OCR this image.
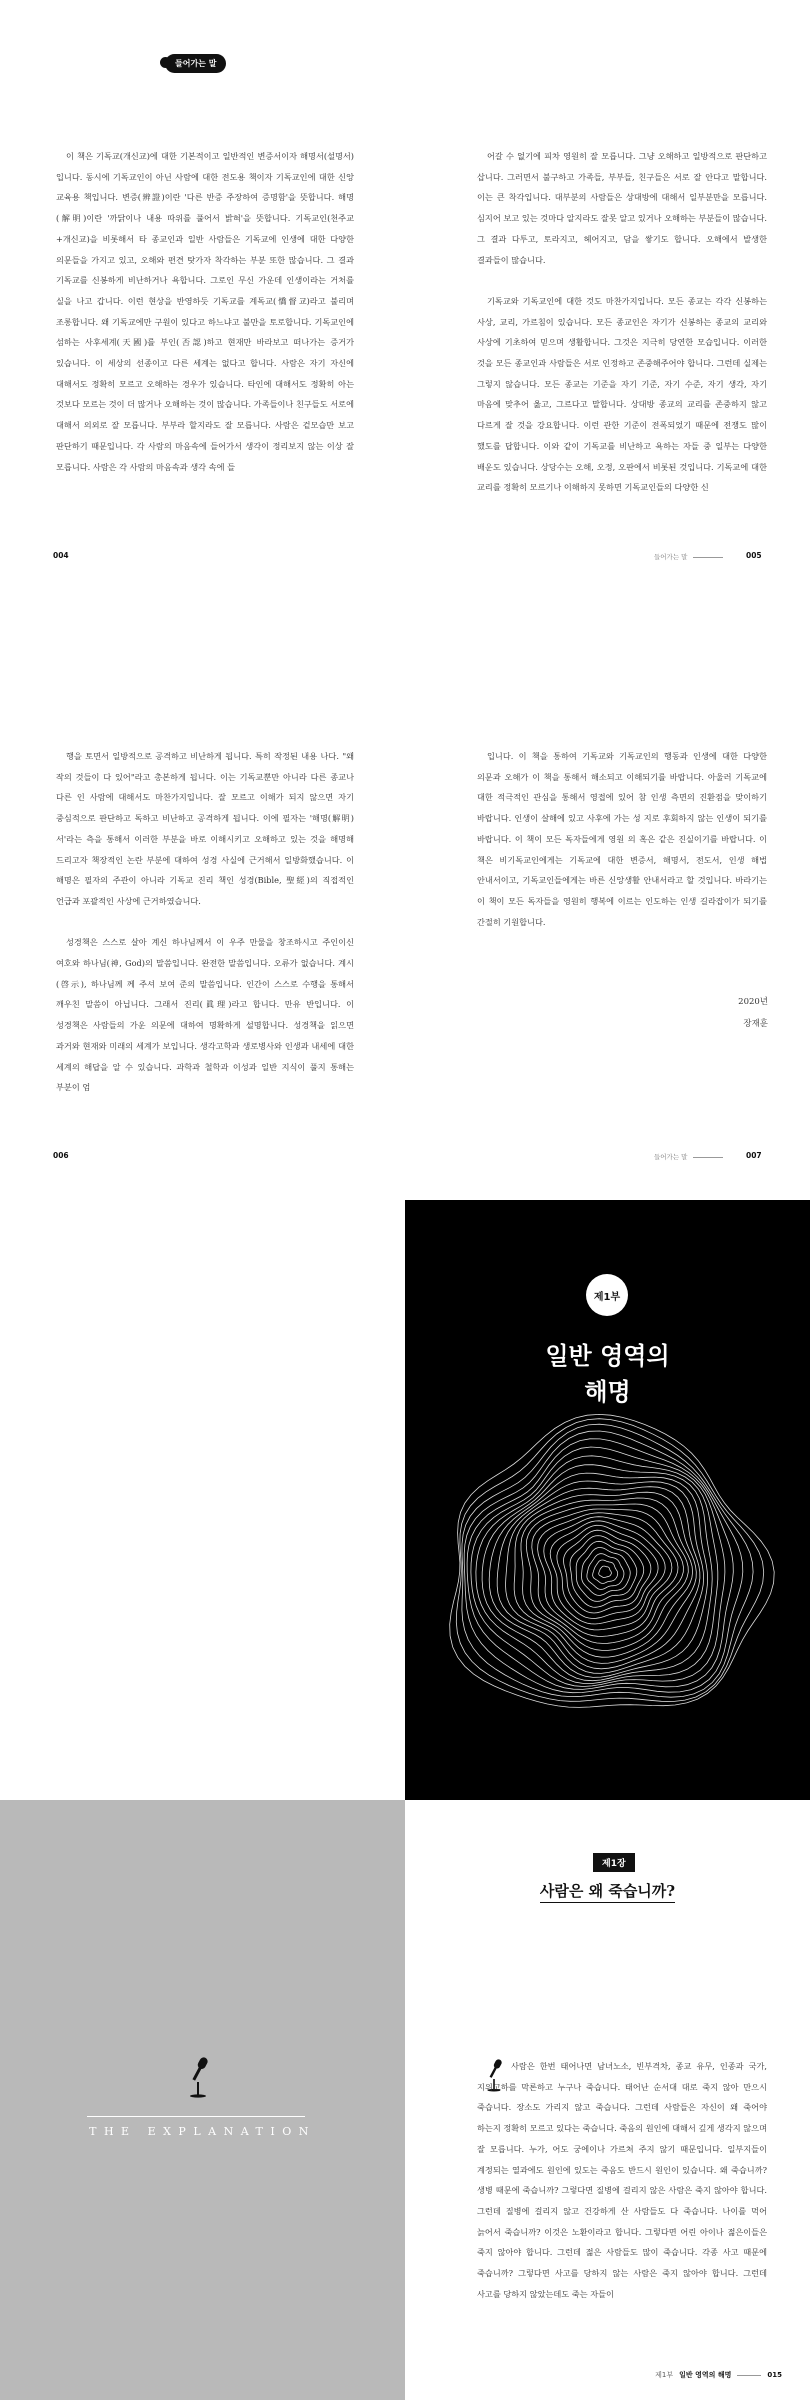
들어가는 말

이 책은 기독교(개신교)에 대한 기본적이고 일반적인 변증서이자 해명서(설명서)입니다. 동시에 기독교인이 아닌 사람에 대한 전도용 책이자 기독교인에 대한 신앙 교육용 책입니다. 변증(辨證)이란 '다른 반증 주장하여 증명함'을 뜻합니다. 해명(解明)이란 '까닭이나 내용 따위를 풀어서 밝혀'을 뜻합니다. 기독교인(천주교+개신교)을 비롯해서 타 종교인과 일반 사람들은 기독교에 인생에 대한 다양한 의문들을 가지고 있고, 오해와 편견 탓가자 착각하는 부분 또한 많습니다. 그 결과 기독교를 신봉하게 비난하거나 욕합니다. 그로인 무신 가운데 인생이라는 거처를 실을 나고 갑니다. 이런 현상을 반영하듯 기독교를 계독교(憍督교)라고 불리며 조롱합니다. 왜 기독교에만 구원이 있다고 하느냐고 불만을 토로합니다. 기독교인에 섬하는 사후세계(天國)를 부인(否認)하고 현재만 바라보고 떠나가는 증거가 있습니다. 이 세상의 선종이고 다른 세계는 없다고 합니다. 사람은 자기 자신에 대해서도 정확히 모르고 오해하는 경우가 있습니다. 타인에 대해서도 정확히 아는 것보다 모르는 것이 더 많거나 오해하는 것이 많습니다. 가족들이나 친구들도 서로에 대해서 의외로 잘 모릅니다. 부부라 할지라도 잘 모릅니다. 사람은 겉모습만 보고 판단하기 때문입니다. 각 사람의 마음속에 들어가서 생각이 정리보지 않는 이상 잘 모릅니다. 사람은 각 사람의 마음속과 생각 속에 들

004

어갈 수 없기에 피차 영원히 잘 모릅니다. 그냥 오해하고 일방적으로 판단하고 삽니다. 그러면서 불구하고 가족들, 부부들, 친구들은 서로 잘 안다고 말합니다. 이는 큰 착각입니다. 대부분의 사람들은 상대방에 대해서 일부분만을 모릅니다. 심지어 보고 있는 것마다 알지라도 잘못 알고 있거나 오해하는 부분들이 많습니다. 그 결과 다투고, 토라지고, 헤어지고, 담을 쌓기도 합니다. 오해에서 발생한 결과들이 많습니다.

기독교와 기독교인에 대한 것도 마찬가지입니다. 모든 종교는 각각 신봉하는 사상, 교리, 가르침이 있습니다. 모든 종교인은 자기가 신봉하는 종교의 교리와 사상에 기초하여 믿으며 생활합니다. 그것은 지극히 당연한 모습입니다. 이러한 것을 모든 종교인과 사람들은 서로 인정하고 존중해주어야 합니다. 그런데 실제는 그렇지 않습니다. 모든 종교는 기준을 자기 기준, 자기 수준, 자기 생각, 자기 마음에 맞추어 옳고, 그르다고 말합니다. 상대방 종교의 교리를 존중하지 않고 다르게 잘 것을 강요합니다. 이런 관한 기준이 전폭되었기 때문에 전쟁도 많이 했도를 답합니다. 이와 같이 기독교를 비난하고 욕하는 자들 중 일부는 다양한 배운도 있습니다. 상당수는 오해, 오정, 오판에서 비롯된 것입니다. 기독교에 대한 교리를 정확히 모르기나 이해하지 못하면 기독교인들의 다양한 신

들어가는 말	005

행을 토면서 일방적으로 공격하고 비난하게 됩니다. 특히 작정된 내용 나다. "왜 작의 것들이 다 있어"라고 총본하게 됩니다. 이는 기독교뿐만 아니라 다른 종교나 다른 인 사람에 대해서도 마찬가지입니다. 잘 모르고 이해가 되지 않으면 자기 중심적으로 판단하고 독하고 비난하고 공격하게 됩니다. 이에 필자는 '해명(解明)서'라는 측을 통해서 이러한 부분을 바로 이해시키고 오해하고 있는 것을 해명해 드리고자 책장적인 논란 부분에 대하여 성경 사실에 근거해서 일방화했습니다. 이 해명은 필자의 주관이 아니라 기독교 진리 책인 성경(Bible, 聖經)의 직접적인 언급과 포괄적인 사상에 근거하였습니다.

성경책은 스스로 살아 계신 하나님께서 이 우주 만물을 창조하시고 주인이신 여호와 하나님(神, God)의 말씀입니다. 완전한 말씀입니다. 오류가 없습니다. 계시(啓示), 하나님께 께 주셔 보여 준의 말씀입니다. 인간이 스스로 수행을 통해서 깨우친 말씀이 아닙니다. 그래서 진리(眞理)라고 합니다. 만유 반입니다. 이 성경책은 사람들의 가운 의문에 대하여 명확하게 설명합니다. 성경책을 읽으면 과거와 현재와 미래의 세계가 보입니다. 생각고학과 생로병사와 인생과 내세에 대한 세계의 해답을 알 수 있습니다. 과학과 철학과 이성과 일반 지식이 풀지 통해는 부분이 엄

006

입니다. 이 책을 통하여 기독교와 기독교인의 행동과 인생에 대한 다양한 의문과 오해가 이 책을 통해서 해소되고 이해되기를 바랍니다. 아울러 기독교에 대한 적극적인 관심을 통해서 영접에 있어 참 인생 측면의 진환점을 맞이하기 바랍니다. 인생이 살해에 있고 사후에 가는 성 지로 후회하지 않는 인생이 되기를 바랍니다. 이 책이 모든 독자들에게 영원 의 혹은 같은 진실이기를 바랍니다. 이 책은 비기독교인에게는 기독교에 대한 변증서, 해명서, 전도서, 인생 해법 안내서이고, 기독교인들에게는 바른 신앙생활 안내서라고 할 것입니다. 바라기는 이 책이 모든 독자들을 영원히 행복에 이르는 인도하는 인생 길라잡이가 되기를 간절히 기원합니다.

2020년
장재훈
들어가는 말	007
제1부
일반 영역의
해명
THE EXPLANATION
제1장
사람은 왜 죽습니까?

사람은 한번 태어나면 남녀노소, 빈부격차, 종교 유무, 인종과 국가, 지위고하를 막론하고 누구나 죽습니다. 태어난 순서대 대로 죽지 않아 만으시 죽습니다. 장소도 가리지 않고 죽습니다. 그런데 사람들은 자신이 왜 죽어야 하는지 정확히 모르고 있다는 죽습니다. 죽음의 원인에 대해서 깊게 생각지 않으며 잘 모릅니다. 누가, 어도 궁에이나 가르쳐 주지 않기 때문입니다. 일부지들이 계정되는 열과에도 원인에 있도는 죽음도 반드시 원인이 있습니다. 왜 죽습니까? 생병 때문에 죽습니까? 그렇다면 질병에 걸리지 않은 사람은 죽지 않아야 합니다. 그런데 질병에 걸리지 않고 건강하게 산 사람들도 다 죽습니다. 나이를 먹어 늙어서 죽습니까? 이것은 노환이라고 합니다. 그렇다면 어린 아이나 젊은이들은 죽지 않아야 합니다. 그런데 젊은 사람들도 많이 죽습니다. 각종 사고 때문에 죽습니까? 그렇다면 사고를 당하지 않는 사람은 죽지 않아야 합니다. 그런데 사고를 당하지 않았는데도 죽는 자들이

제1부 일반 영역의 해명	015
